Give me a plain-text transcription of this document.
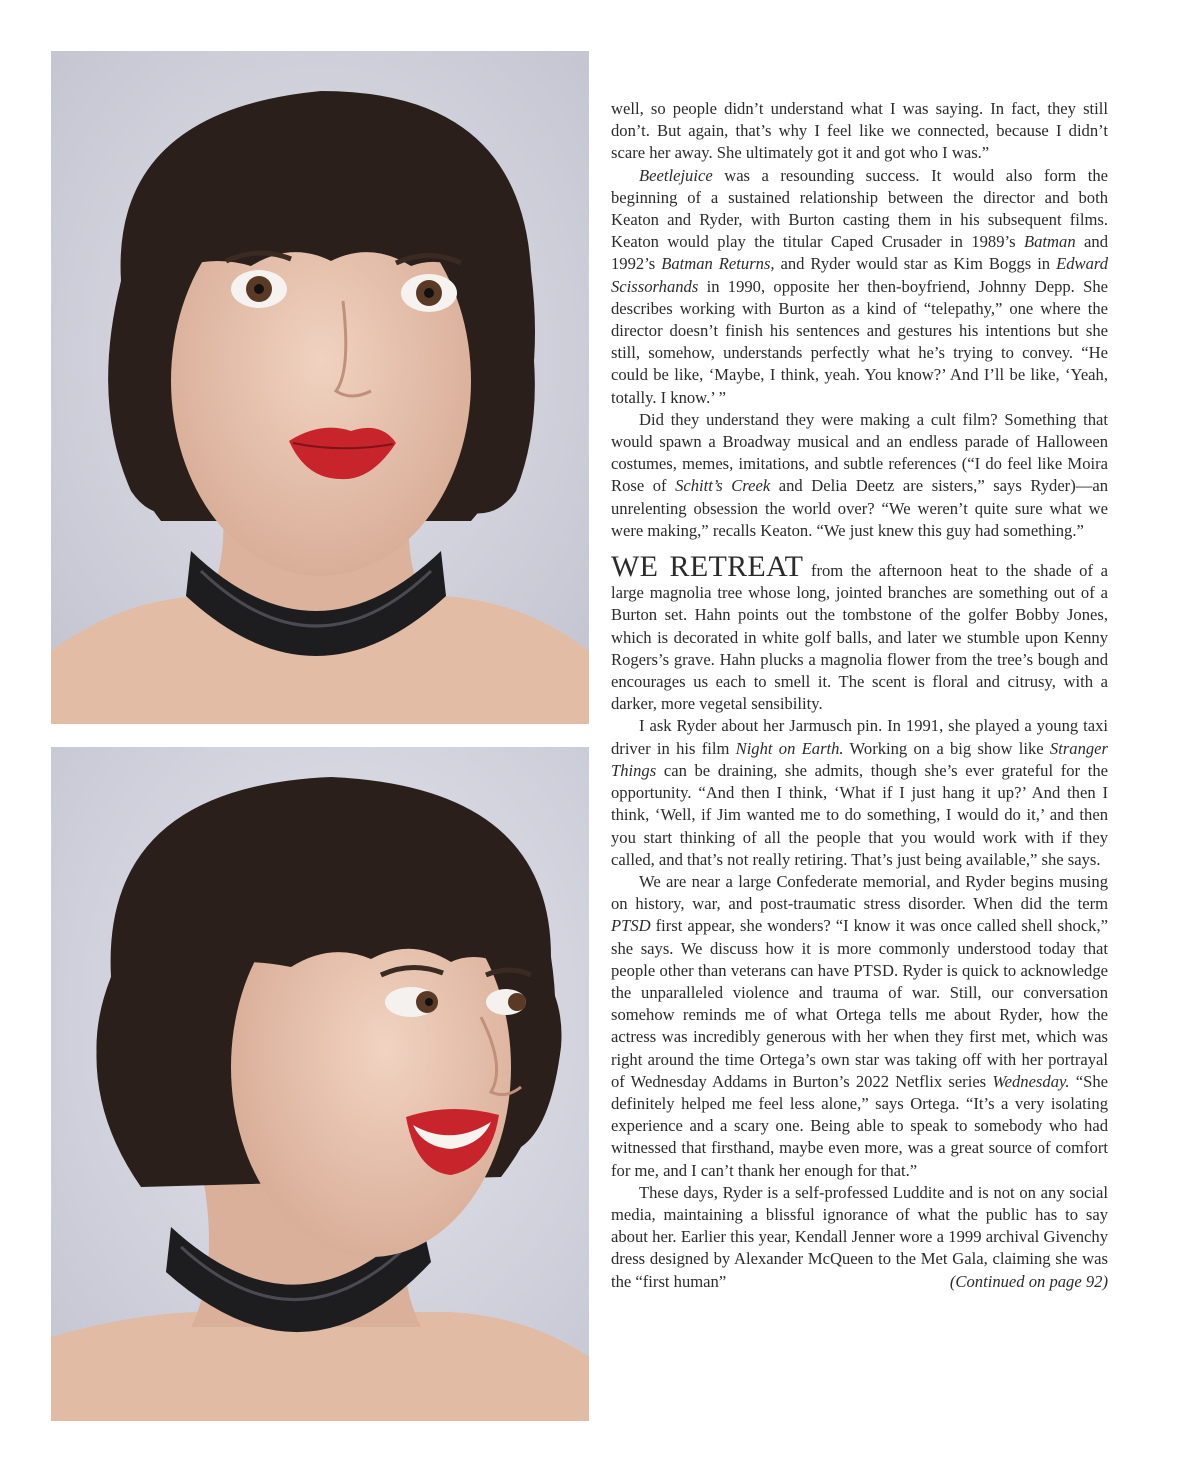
well, so people didn’t understand what I was saying. In fact, they still don’t. But again, that’s why I feel like we connected, because I didn’t scare her away. She ultimately got it and got who I was.”

Beetlejuice was a resounding success. It would also form the beginning of a sustained relationship between the director and both Keaton and Ryder, with Burton casting them in his subsequent films. Keaton would play the titular Caped Crusader in 1989’s Batman and 1992’s Batman Returns, and Ryder would star as Kim Boggs in Edward Scissorhands in 1990, opposite her then-boyfriend, Johnny Depp. She describes working with Burton as a kind of “telepathy,” one where the director doesn’t finish his sentences and gestures his intentions but she still, somehow, understands perfectly what he’s trying to convey. “He could be like, ‘Maybe, I think, yeah. You know?’ And I’ll be like, ‘Yeah, totally. I know.’ ”

Did they understand they were making a cult film? Something that would spawn a Broadway musical and an endless parade of Halloween costumes, memes, imitations, and subtle references (“I do feel like Moira Rose of Schitt’s Creek and Delia Deetz are sisters,” says Ryder)—an unrelenting obsession the world over? “We weren’t quite sure what we were making,” recalls Keaton. “We just knew this guy had something.”

WE RETREAT from the afternoon heat to the shade of a large magnolia tree whose long, jointed branches are something out of a Burton set. Hahn points out the tombstone of the golfer Bobby Jones, which is decorated in white golf balls, and later we stumble upon Kenny Rogers’s grave. Hahn plucks a magnolia flower from the tree’s bough and encourages us each to smell it. The scent is floral and citrusy, with a darker, more vegetal sensibility.

I ask Ryder about her Jarmusch pin. In 1991, she played a young taxi driver in his film Night on Earth. Working on a big show like Stranger Things can be draining, she admits, though she’s ever grateful for the opportunity. “And then I think, ‘What if I just hang it up?’ And then I think, ‘Well, if Jim wanted me to do something, I would do it,’ and then you start thinking of all the people that you would work with if they called, and that’s not really retiring. That’s just being available,” she says.

We are near a large Confederate memorial, and Ryder begins musing on history, war, and post-traumatic stress disorder. When did the term PTSD first appear, she wonders? “I know it was once called shell shock,” she says. We discuss how it is more commonly understood today that people other than veterans can have PTSD. Ryder is quick to acknowledge the unparalleled violence and trauma of war. Still, our conversation somehow reminds me of what Ortega tells me about Ryder, how the actress was incredibly generous with her when they first met, which was right around the time Ortega’s own star was taking off with her portrayal of Wednesday Addams in Burton’s 2022 Netflix series Wednesday. “She definitely helped me feel less alone,” says Ortega. “It’s a very isolating experience and a scary one. Being able to speak to somebody who had witnessed that firsthand, maybe even more, was a great source of comfort for me, and I can’t thank her enough for that.”

These days, Ryder is a self-professed Luddite and is not on any social media, maintaining a blissful ignorance of what the public has to say about her. Earlier this year, Kendall Jenner wore a 1999 archival Givenchy dress designed by Alexander McQueen to the Met Gala, claiming she was the “first human”	(Continued on page 92)
